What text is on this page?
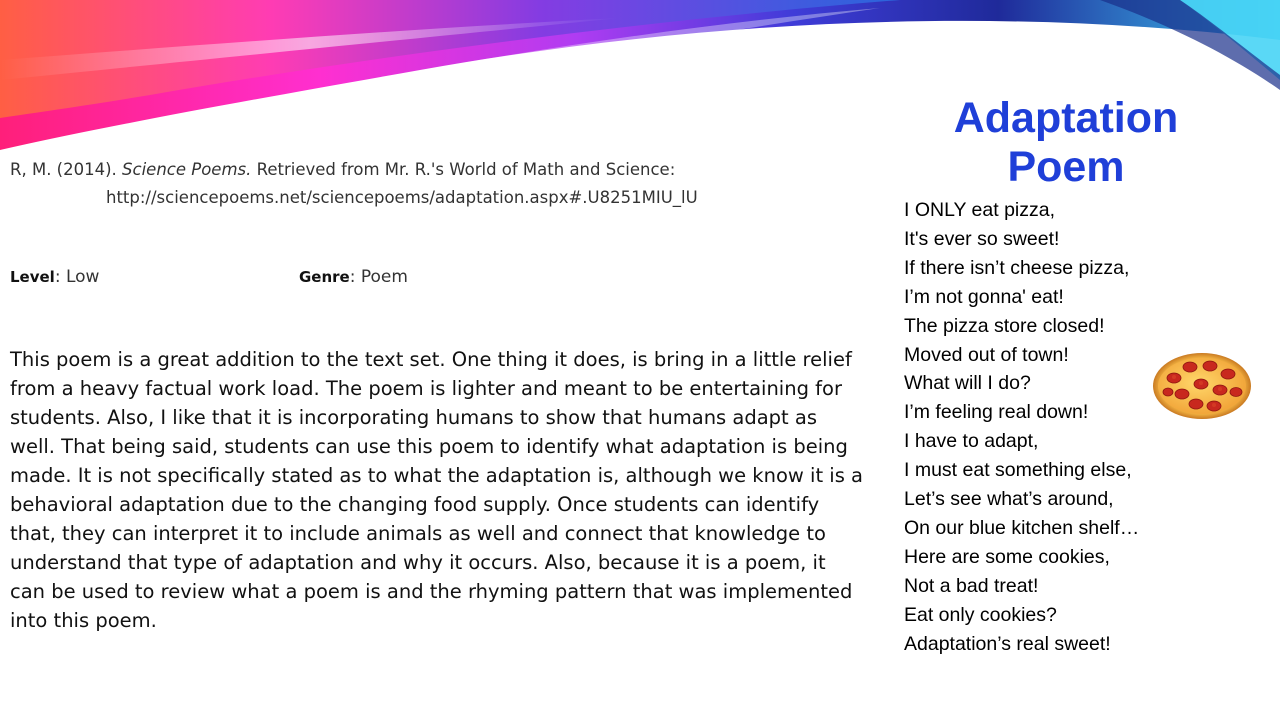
R, M. (2014). Science Poems. Retrieved from Mr. R.'s World of Math and Science:
http://sciencepoems.net/sciencepoems/adaptation.aspx#.U8251MIU_lU
Level: Low	Genre: Poem
This poem is a great addition to the text set. One thing it does, is bring in a little relief from a heavy factual work load. The poem is lighter and meant to be entertaining for students. Also, I like that it is incorporating humans to show that humans adapt as well. That being said, students can use this poem to identify what adaptation is being made. It is not specifically stated as to what the adaptation is, although we know it is a behavioral adaptation due to the changing food supply. Once students can identify that, they can interpret it to include animals as well and connect that knowledge to understand that type of adaptation and why it occurs. Also, because it is a poem, it can be used to review what a poem is and the rhyming pattern that was implemented into this poem.
Adaptation Poem
I ONLY eat pizza,
It's ever so sweet!
If there isn’t cheese pizza,
I’m not gonna' eat!
The pizza store closed!
Moved out of town!
What will I do?
I’m feeling real down!
I have to adapt,
I must eat something else,
Let’s see what’s around,
On our blue kitchen shelf…
Here are some cookies,
Not a bad treat!
Eat only cookies?
Adaptation’s real sweet!
